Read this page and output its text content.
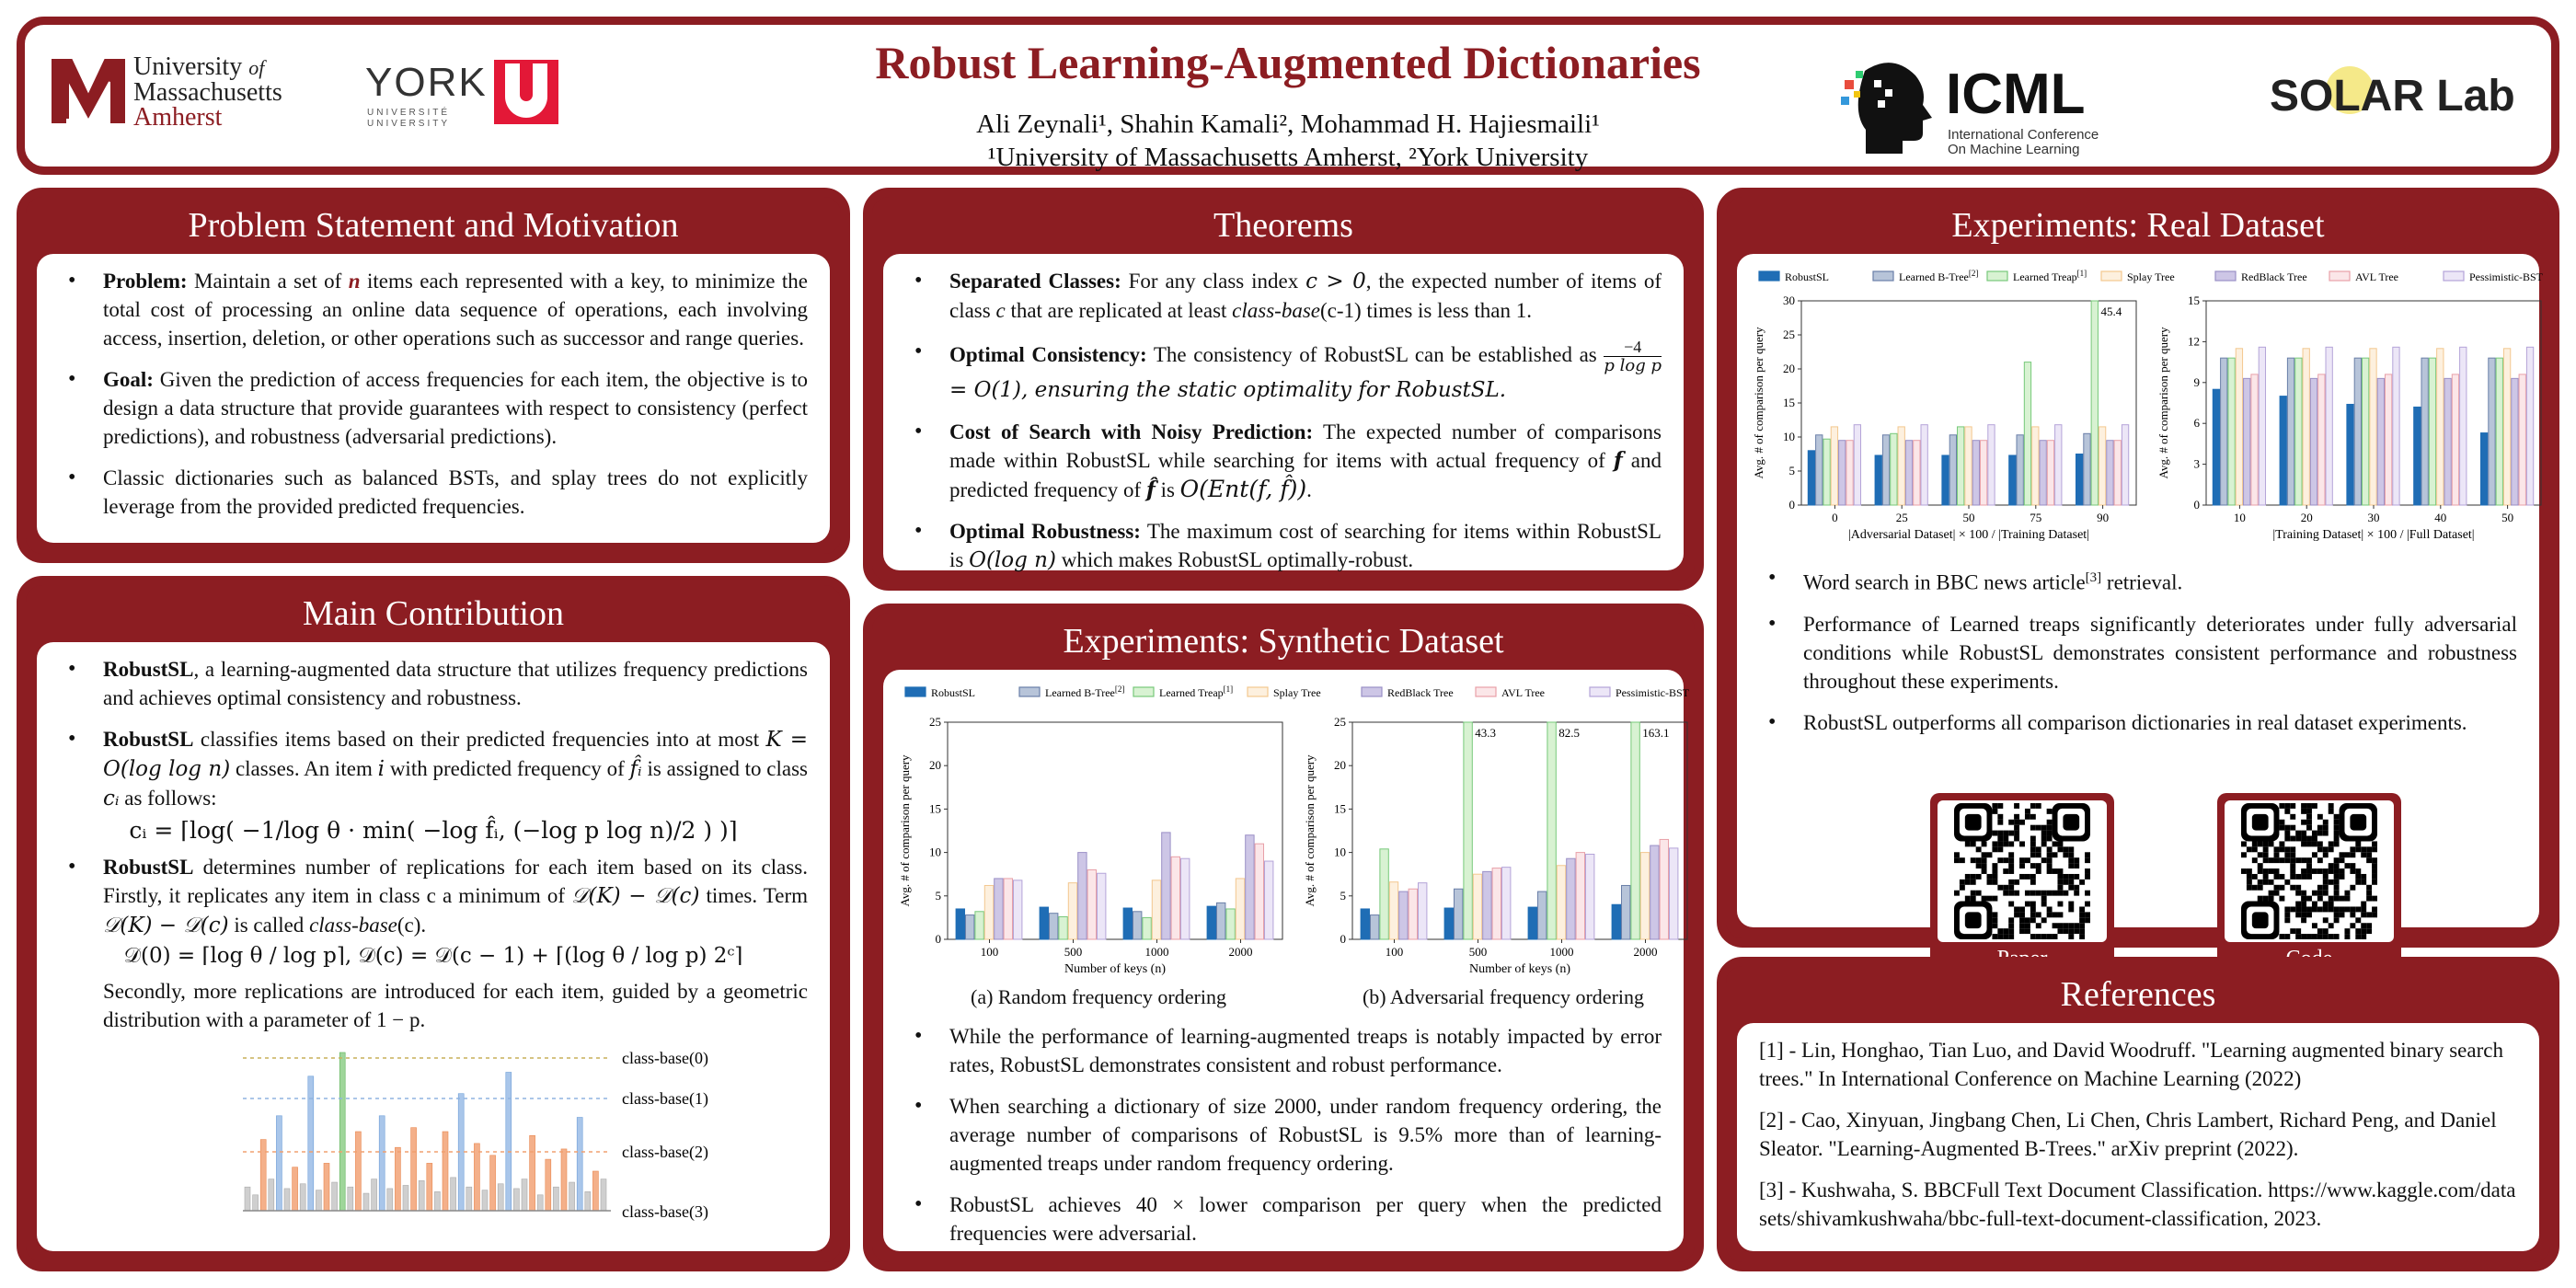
University of
Massachusetts
Amherst
YORK
UNIVERSITÉ UNIVERSITY
Robust Learning-Augmented Dictionaries
Ali Zeynali¹, Shahin Kamali², Mohammad H. Hajiesmaili¹
¹University of Massachusetts Amherst, ²York University
ICML
International Conference
On Machine Learning
SOLAR Lab
Problem Statement and Motivation
• Problem: Maintain a set of n items each represented with a key, to minimize the total cost of processing an online data sequence of operations, each involving access, insertion, deletion, or other operations such as successor and range queries.
• Goal: Given the prediction of access frequencies for each item, the objective is to design a data structure that provide guarantees with respect to consistency (perfect predictions), and robustness (adversarial predictions).
• Classic dictionaries such as balanced BSTs, and splay trees do not explicitly leverage from the provided predicted frequencies.
Main Contribution
• RobustSL, a learning-augmented data structure that utilizes frequency predictions and achieves optimal consistency and robustness.
• RobustSL classifies items based on their predicted frequencies into at most K = O(log log n) classes. An item i with predicted frequency of f̂ᵢ is assigned to class cᵢ as follows:
cᵢ = ⌈log( −1/log θ · min( −log f̂ᵢ, (−log p log n)/2 ) )⌉
• RobustSL determines number of replications for each item based on its class. Firstly, it replicates any item in class c a minimum of 𝒟(K) − 𝒟(c) times. Term 𝒟(K) − 𝒟(c) is called class-base(c).
𝒟(0) = ⌈log θ / log p⌉, 𝒟(c) = 𝒟(c − 1) + ⌈(log θ / log p) 2ᶜ⌉
Secondly, more replications are introduced for each item, guided by a geometric distribution with a parameter of 1 − p.
class-base(0)
class-base(1)
class-base(2)
class-base(3)
Theorems
• Separated Classes: For any class index c > 0, the expected number of items of class c that are replicated at least class-base(c-1) times is less than 1.
• Optimal Consistency: The consistency of RobustSL can be established as $\frac{-4}{\text{p log p}}$
= O(1), ensuring the static optimality for RobustSL.
• Cost of Search with Noisy Prediction: The expected number of comparisons made within RobustSL while searching for items with actual frequency of f and predicted frequency of f̂ is O(Ent(f, f̂)).
• Optimal Robustness: The maximum cost of searching for items within RobustSL is O(log n) which makes RobustSL optimally-robust.
Experiments: Synthetic Dataset
RobustSL	Learned B-Tree[2]	Learned Treap[1]	Splay Tree	RedBlack Tree	AVL Tree	Pessimistic-BST
0
5
10
15
20
25
Avg. # of comparison per query
100	500	1000	2000
Number of keys (n)
0
5
10
15
20
25
Avg. # of comparison per query
100	500	1000	2000
43.3	82.5	163.1
Number of keys (n)
(a) Random frequency ordering	(b) Adversarial frequency ordering
• While the performance of learning-augmented treaps is notably impacted by error rates, RobustSL demonstrates consistent and robust performance.
• When searching a dictionary of size 2000, under random frequency ordering, the average number of comparisons of RobustSL is 9.5% more than of learning-augmented treaps under random frequency ordering.
• RobustSL achieves 40 × lower comparison per query when the predicted frequencies were adversarial.
Experiments: Real Dataset
RobustSL	Learned B-Tree[2]	Learned Treap[1]	Splay Tree	RedBlack Tree	AVL Tree	Pessimistic-BST
0
5
10
15
20
25
30
Avg. # of comparison per query
0	25	50	75	90
45.4
|Adversarial Dataset| × 100 / |Training Dataset|
0
3
6
9
12
15
Avg. # of comparison per query
10	20	30	40	50
|Training Dataset| × 100 / |Full Dataset|
• Word search in BBC news article[3] retrieval.
• Performance of Learned treaps significantly deteriorates under fully adversarial conditions while RobustSL demonstrates consistent performance and robustness throughout these experiments.
• RobustSL outperforms all comparison dictionaries in real dataset experiments.
References

[1] - Lin, Honghao, Tian Luo, and David Woodruff. "Learning augmented binary search trees." In International Conference on Machine Learning (2022)

[2] - Cao, Xinyuan, Jingbang Chen, Li Chen, Chris Lambert, Richard Peng, and Daniel Sleator. "Learning-Augmented B-Trees." arXiv preprint (2022).

[3] - Kushwaha, S. BBCFull Text Document Classification. https://www.kaggle.com/datasets/shivamkushwaha/bbc-full-text-document-classification, 2023.
